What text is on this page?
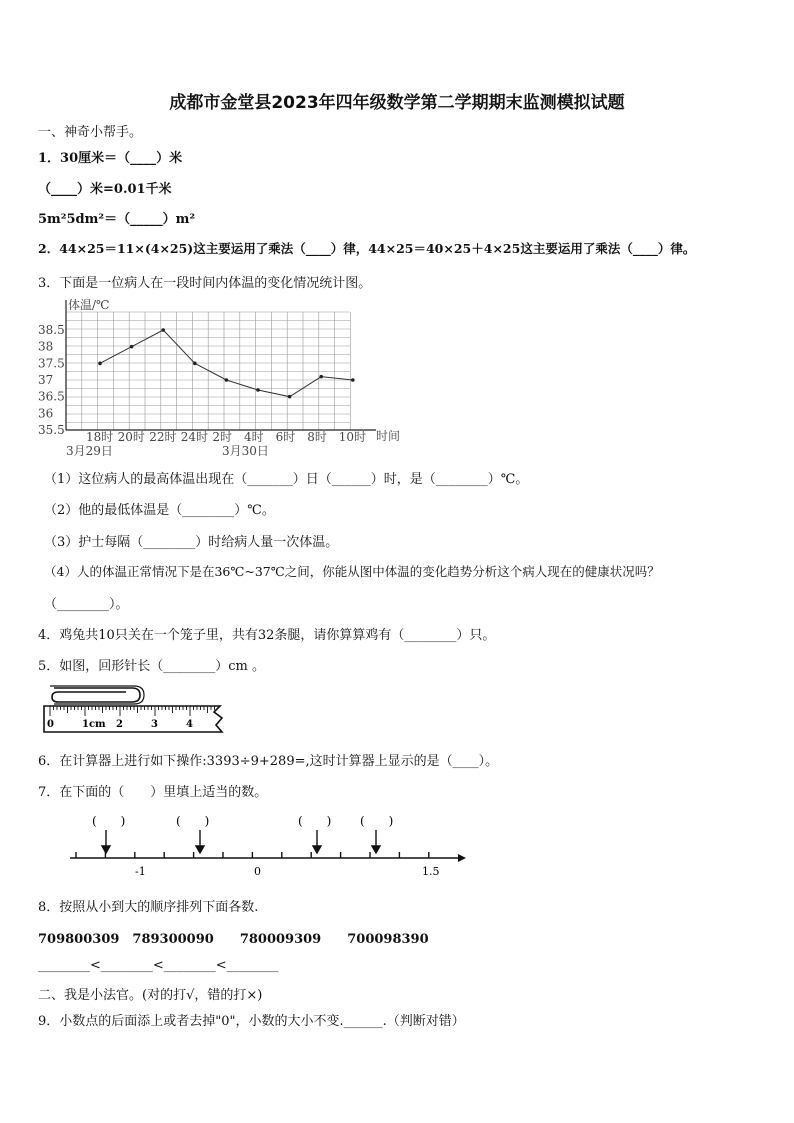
成都市金堂县2023年四年级数学第二学期期末监测模拟试题
一、神奇小帮手。
1．30厘米＝（____）米
（____）米=0.01千米
5m²5dm²＝（_____）m²
2．44×25＝11×(4×25)这主要运用了乘法（____）律，44×25＝40×25＋4×25这主要运用了乘法（____）律。
3．下面是一位病人在一段时间内体温的变化情况统计图。
38.5
38
37.5
37
36.5
36
35.5 18时 20时 22时 24时 2时 4时 6时 8时 10时
体温/℃
时间
3月29日	3月30日
（1）这位病人的最高体温出现在（_______）日（______）时，是（________）℃。
（2）他的最低体温是（________）℃。
（3）护士每隔（________）时给病人量一次体温。
（4）人的体温正常情况下是在36℃~37℃之间，你能从图中体温的变化趋势分析这个病人现在的健康状况吗？
（________）。
4．鸡兔共10只关在一个笼子里，共有32条腿，请你算算鸡有（________）只。
5．如图，回形针长（________）cm 。
0	1cm 2	3	4
6．在计算器上进行如下操作:3393÷9+289=,这时计算器上显示的是（____）。
7．在下面的（　　）里填上适当的数。
(　　)	(　　)	(　　) (　　)
-1	0	1.5
8．按照从小到大的顺序排列下面各数.
709800309　789300090　　780009309　　700098390
________<________<________<________
二、我是小法官。(对的打√，错的打×)
9．小数点的后面添上或者去掉"0"，小数的大小不变.______.（判断对错）
